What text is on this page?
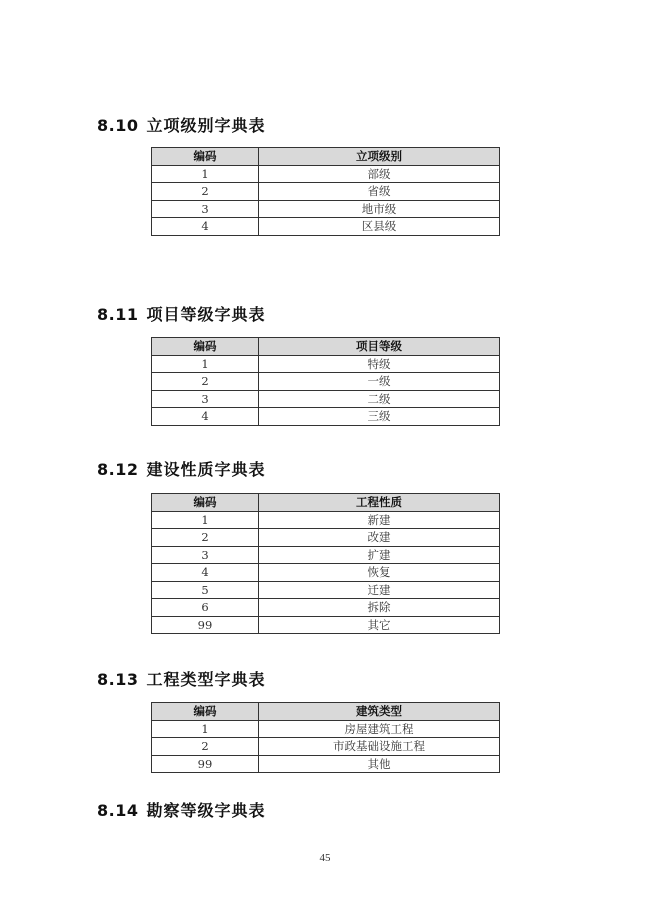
8.10 立项级别字典表
编码	立项级别
1	部级
2	省级
3	地市级
4	区县级
8.11 项目等级字典表
编码	项目等级
1	特级
2	一级
3	二级
4	三级
8.12 建设性质字典表
编码	工程性质
1	新建
2	改建
3	扩建
4	恢复
5	迁建
6	拆除
99	其它
8.13 工程类型字典表
编码	建筑类型
1	房屋建筑工程
2	市政基础设施工程
99	其他
8.14 勘察等级字典表
45
